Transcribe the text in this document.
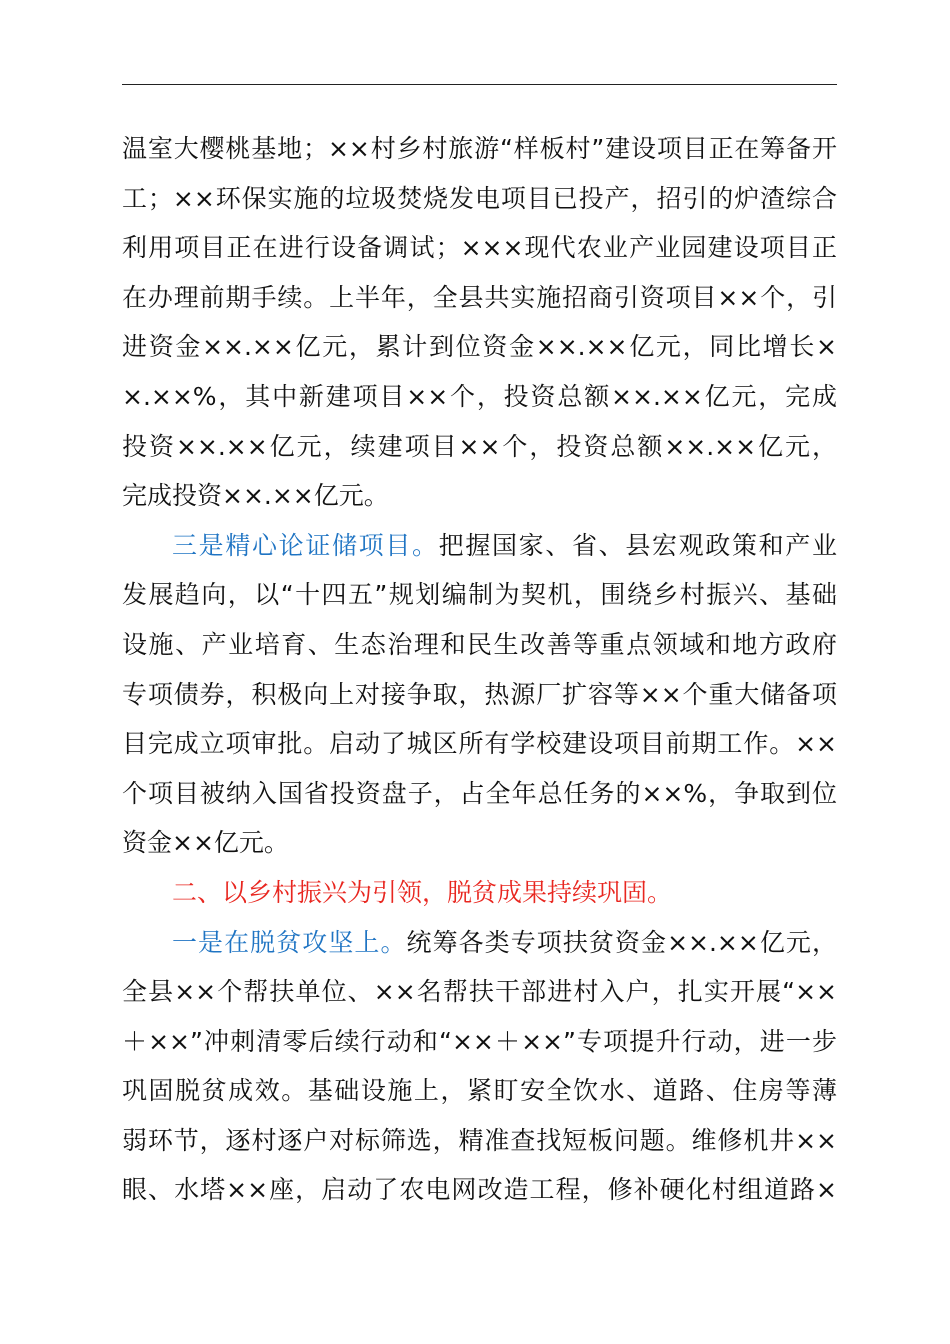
温室大樱桃基地；××村乡村旅游“样板村”建设项目正在筹备开
工；××环保实施的垃圾焚烧发电项目已投产，招引的炉渣综合
利用项目正在进行设备调试；×××现代农业产业园建设项目正
在办理前期手续。上半年，全县共实施招商引资项目××个，引
进资金××.××亿元，累计到位资金××.××亿元，同比增长×
×.××%，其中新建项目××个，投资总额××.××亿元，完成
投资××.××亿元，续建项目××个，投资总额××.××亿元，
完成投资××.××亿元。
三是精心论证储项目。把握国家、省、县宏观政策和产业
发展趋向，以“十四五”规划编制为契机，围绕乡村振兴、基础
设施、产业培育、生态治理和民生改善等重点领域和地方政府
专项债券，积极向上对接争取，热源厂扩容等××个重大储备项
目完成立项审批。启动了城区所有学校建设项目前期工作。××
个项目被纳入国省投资盘子，占全年总任务的××%，争取到位
资金××亿元。
二、以乡村振兴为引领，脱贫成果持续巩固。
一是在脱贫攻坚上。统筹各类专项扶贫资金××.××亿元，
全县××个帮扶单位、××名帮扶干部进村入户，扎实开展“××
＋××”冲刺清零后续行动和“××＋××”专项提升行动，进一步
巩固脱贫成效。基础设施上，紧盯安全饮水、道路、住房等薄
弱环节，逐村逐户对标筛选，精准查找短板问题。维修机井××
眼、水塔××座，启动了农电网改造工程，修补硬化村组道路×
